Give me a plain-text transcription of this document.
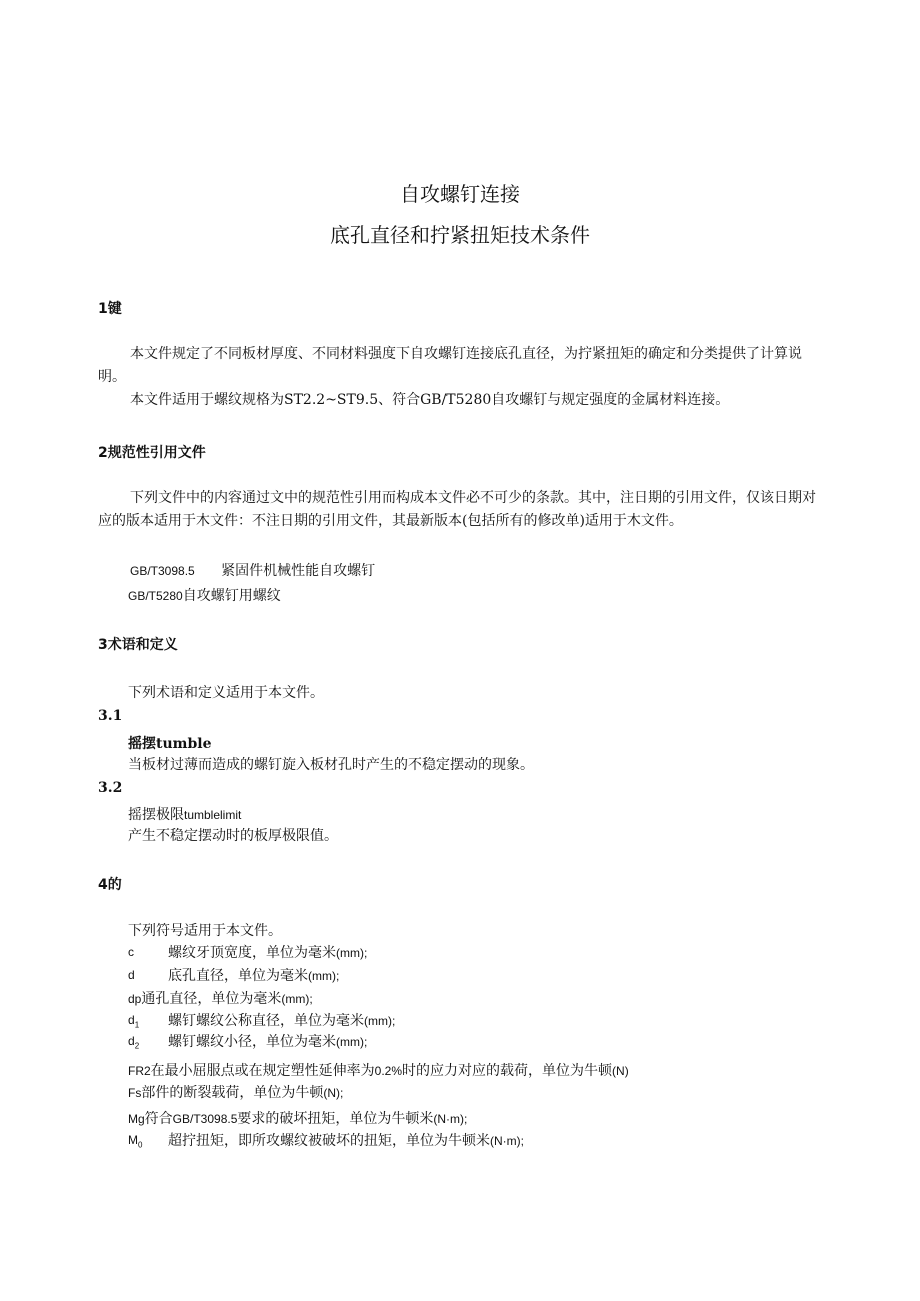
自攻螺钉连接
底孔直径和拧紧扭矩技术条件
1键
本文件规定了不同板材厚度、不同材料强度下自攻螺钉连接底孔直径，为拧紧扭矩的确定和分类提供了计算说明。
本文件适用于螺纹规格为ST2.2~ST9.5、符合GB/T5280自攻螺钉与规定强度的金属材料连接。
2规范性引用文件
下列文件中的内容通过文中的规范性引用而构成本文件必不可少的条款。其中，注日期的引用文件，仅该日期对应的版本适用于木文件：不注日期的引用文件，其最新版本(包括所有的修改单)适用于木文件。
GB/T3098.5 紧固件机械性能自攻螺钉
GB/T5280自攻螺钉用螺纹
3术语和定义
下列术语和定义适用于本文件。
3.1
摇摆tumble
当板材过薄而造成的螺钉旋入板材孔时产生的不稳定摆动的现象。
3.2
摇摆极限tumblelimit
产生不稳定摆动时的板厚极限值。
4的
下列符号适用于本文件。
c 螺纹牙顶宽度，单位为毫米(mm);
d 底孔直径，单位为毫米(mm);
dp通孔直径，单位为毫米(mm);
$d_1$ 螺钉螺纹公称直径，单位为毫米(mm);
$d_2$ 螺钉螺纹小径，单位为毫米(mm);
FR2在最小屈服点或在规定塑性延伸率为0.2%时的应力对应的载荷，单位为牛顿(N)
Fs部件的断裂载荷，单位为牛顿(N);
Mg符合GB/T3098.5要求的破坏扭矩，单位为牛顿米(N·m);
$M_0$ 超拧扭矩，即所攻螺纹被破坏的扭矩，单位为牛顿米(N·m);
